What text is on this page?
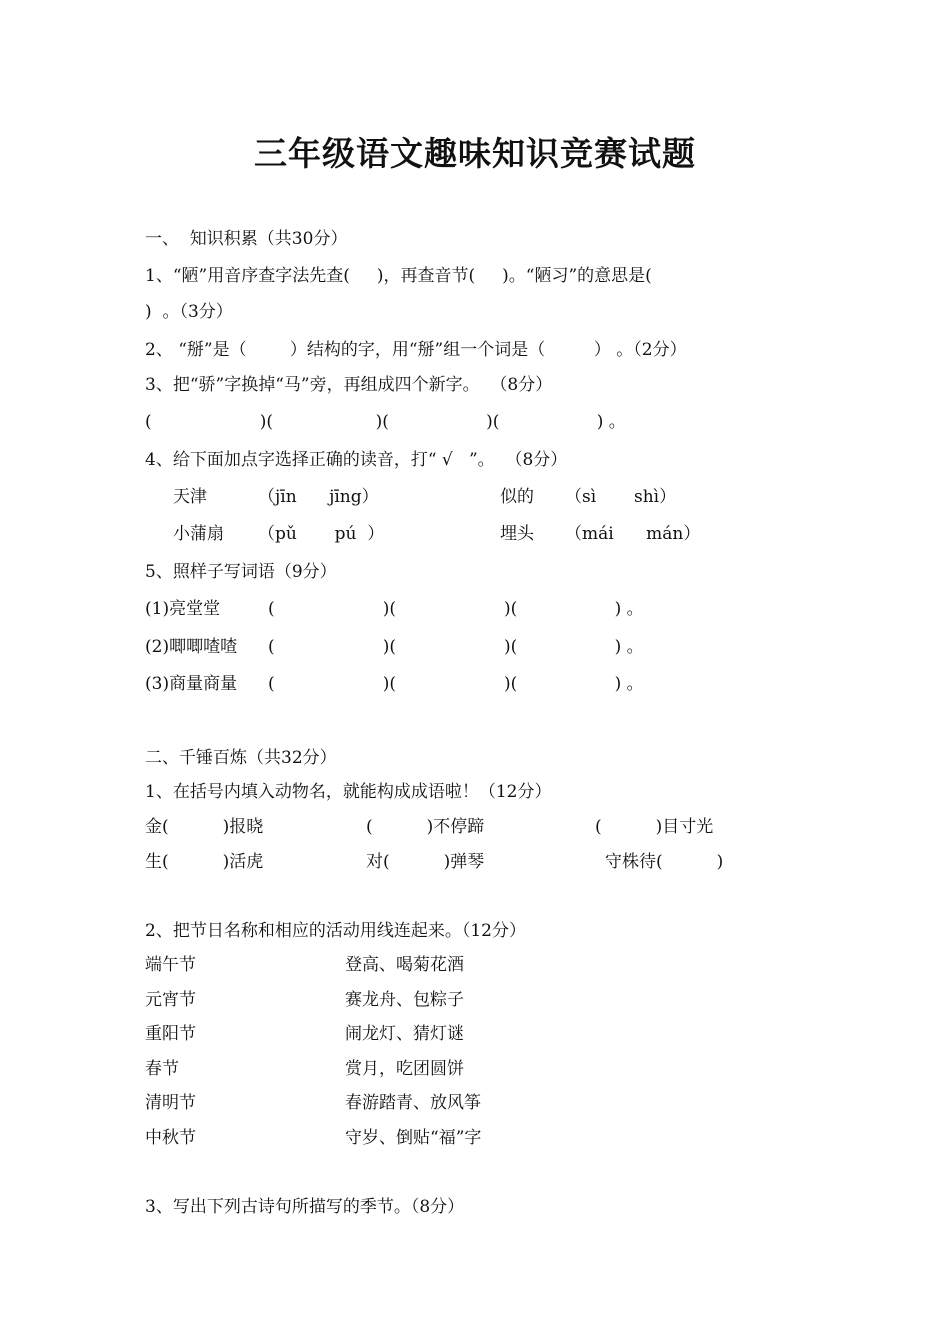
三年级语文趣味知识竞赛试题
一、  知识积累（共30分）
1、“陋”用音序查字法先查(     )，再查音节(     )。“陋习”的意思是(
)  。（3分）
2、 “掰”是（        ）结构的字，用“掰”组一个词是（         ） 。（2分）
3、把“骄”字换掉“马”旁，再组成四个新字。  （8分）
(                    )(                   )(                  )(                  ) 。
4、给下面加点字选择正确的读音，打“ √   ”。  （8分）
天津	（jīn      jīng）	似的 （sì       shì）
小蒲扇 （pǔ       pú  ）	埋头 （mái      mán）
5、照样子写词语（9分）
(1)亮堂堂	(                    )(                    )(                  ) 。
(2)唧唧喳喳 (                    )(                    )(                  ) 。
(3)商量商量 (                    )(                    )(                  ) 。
二、千锤百炼（共32分）
1、在括号内填入动物名，就能构成成语啦！（12分）
金(          )报晓	(          )不停蹄	(          )目寸光
生(          )活虎	对(          )弹琴	守株待(          )
2、把节日名称和相应的活动用线连起来。（12分）
端午节	登高、喝菊花酒
元宵节	赛龙舟、包粽子
重阳节	闹龙灯、猜灯谜
春节	赏月，吃团圆饼
清明节	春游踏青、放风筝
中秋节	守岁、倒贴“福”字
3、写出下列古诗句所描写的季节。（8分）
